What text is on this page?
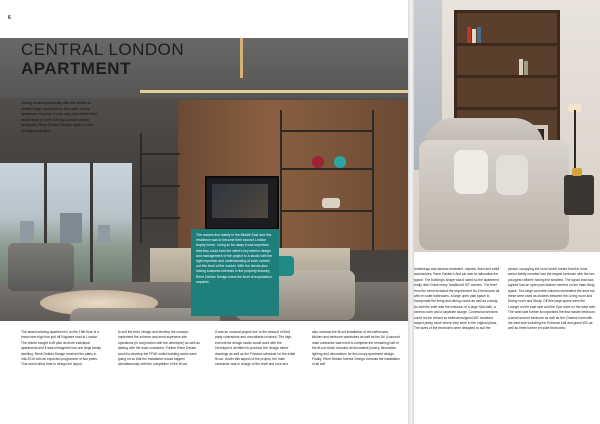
6
CENTRAL LONDON
APARTMENT
Having worked previously with this family on another large apartment in the same luxury apartment complex, it was only natural that they would want to work with top London interior designers, René Dekker Design again on this prestigious project.
The owners live mainly in the Middle East and this residence was to become their second London trophy home. Living so far away it was important that they could trust the client's key interior design and management of the project to a studio with the right expertise and understanding of work carried out this level of the market. With the clients also having business interests in the property industry, René Dekker Design knew the level of expectation required.
The award-winning apartment is on the 15th floor of a brand new high rise just off Edgware road in London. The clients bought it off plan as three individual apartments and it was reimagined into one large family dwelling. René Dekker Design received the plans in mid-2015 with an expected programme of two years. This would allow time to design the layout
to suit the brief, design and develop the concept, implement the scheme and send supervise site operations (in conjunction with the developer) as well as liaising with the main contractor. Further René Dekker would to develop the FF&E whilst building works were going on so that the installation would happen simultaneously with the completion of the fit out.
It was an unusual project due to the amount of third party contractors and consultants involved. The high-end interior design studio would work with the Developer's architect to produce the 'design intent' drawings as well as the Finishes schedule for the initial fit out. Under this aspect of the project, the main contractor was in charge of the shell and core and
also oversaw the fit-out installation of the bathrooms, kitchen and bedroom wardrobes as well as the AV. A second main contractor was hired to complete the remaining half of the fit-out which included all decorative joinery, decorative lighting and decorations for this luxury apartment design. Finally, René Dekker Interior Design oversaw the installation of all soft
furnishings and window treatment, carpets, linen and artful accessories. René Dekker's first job was to rationalise the space. The building's shape was 6 sided so the apartment really didn't have many 'traditional' 90° corners. The brief from the client included the requirement for 5 bedrooms all with en suite bathrooms, a large open plan space to incorporate the living and dining rooms as well as a study. As well the brief was the inclusion of a large Spa bath, a cinema room and a separate lounge. Communal services could not be moved so bathrooms/guest WC locations stayed pretty much where they were in the original plans. The sizes of the bedrooms were designed to suit the
person occupying the room which meant that the most senior family member had the largest bedroom with the two youngest children having the smallest. The layout that was agreed had an open plan kitchen centred on the main living space. Two large concrete columns dominated the area but these were used as dividers between the Living room and Dining room and Study. Off this large space were the Lounge on the east side and the Spa room on the west side. The west side further incorporated the first master bedroom, a small second bedroom as well as the Cinema room with the east side including the Entrance hall and guest WC as well as three further en suite bedrooms.
